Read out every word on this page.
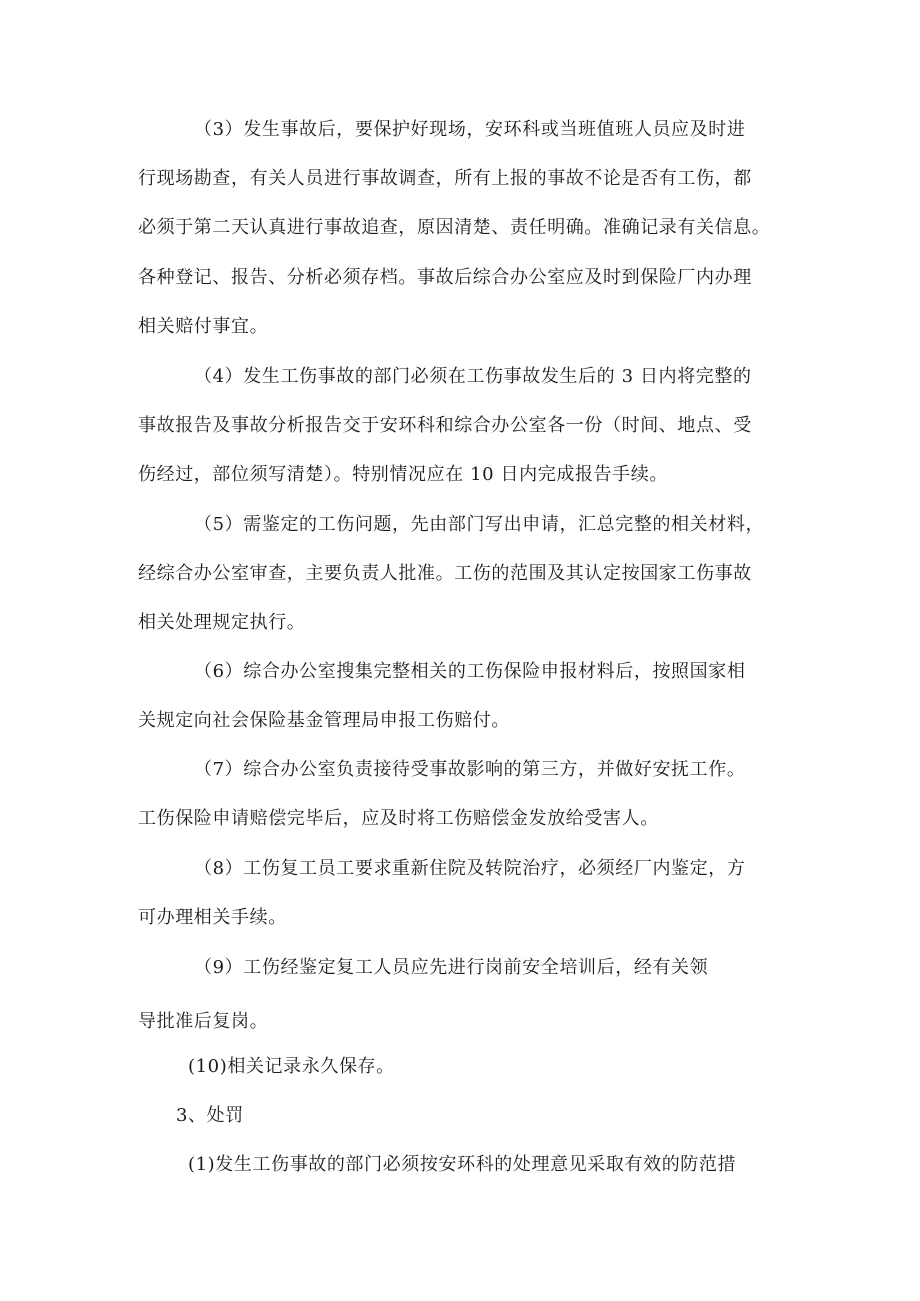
（3）发生事故后，要保护好现场，安环科或当班值班人员应及时进
行现场勘查，有关人员进行事故调查，所有上报的事故不论是否有工伤，都
必须于第二天认真进行事故追查，原因清楚、责任明确。准确记录有关信息。
各种登记、报告、分析必须存档。事故后综合办公室应及时到保险厂内办理
相关赔付事宜。
（4）发生工伤事故的部门必须在工伤事故发生后的 3 日内将完整的
事故报告及事故分析报告交于安环科和综合办公室各一份（时间、地点、受
伤经过，部位须写清楚）。特别情况应在 10 日内完成报告手续。
（5）需鉴定的工伤问题，先由部门写出申请，汇总完整的相关材料，
经综合办公室审查，主要负责人批准。工伤的范围及其认定按国家工伤事故
相关处理规定执行。
（6）综合办公室搜集完整相关的工伤保险申报材料后，按照国家相
关规定向社会保险基金管理局申报工伤赔付。
（7）综合办公室负责接待受事故影响的第三方，并做好安抚工作。
工伤保险申请赔偿完毕后，应及时将工伤赔偿金发放给受害人。
（8）工伤复工员工要求重新住院及转院治疗，必须经厂内鉴定，方
可办理相关手续。
（9）工伤经鉴定复工人员应先进行岗前安全培训后，经有关领
导批准后复岗。
(10)相关记录永久保存。
3、处罚
(1)发生工伤事故的部门必须按安环科的处理意见采取有效的防范措
